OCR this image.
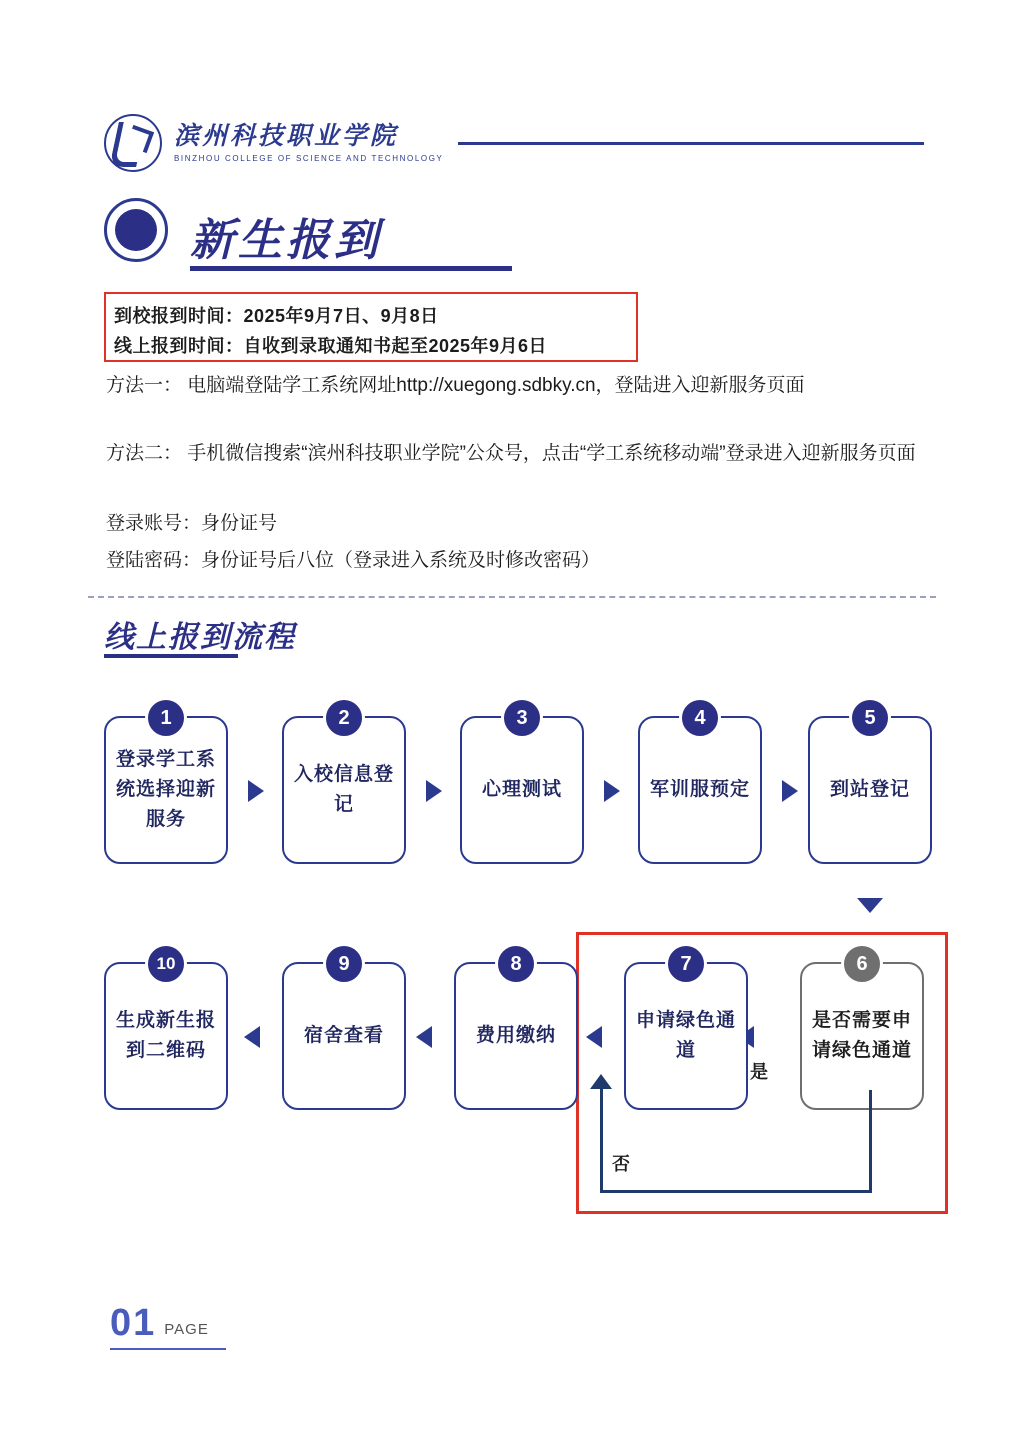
滨州科技职业学院
BINZHOU COLLEGE OF SCIENCE AND TECHNOLOGY
新生报到
到校报到时间：2025年9月7日、9月8日
线上报到时间：自收到录取通知书起至2025年9月6日
方法一： 电脑端登陆学工系统网址http://xuegong.sdbky.cn，登陆进入迎新服务页面
方法二： 手机微信搜索“滨州科技职业学院”公众号，点击“学工系统移动端”登录进入迎新服务页面
登录账号：身份证号
登陆密码：身份证号后八位（登录进入系统及时修改密码）
线上报到流程
1
登录学工系统选择迎新服务
2
入校信息登记
3
心理测试
4
军训服预定
5
到站登记
6
是否需要申请绿色通道
是
7
申请绿色通道
8
费用缴纳
9
宿舍查看
10
生成新生报到二维码
否
01 PAGE
